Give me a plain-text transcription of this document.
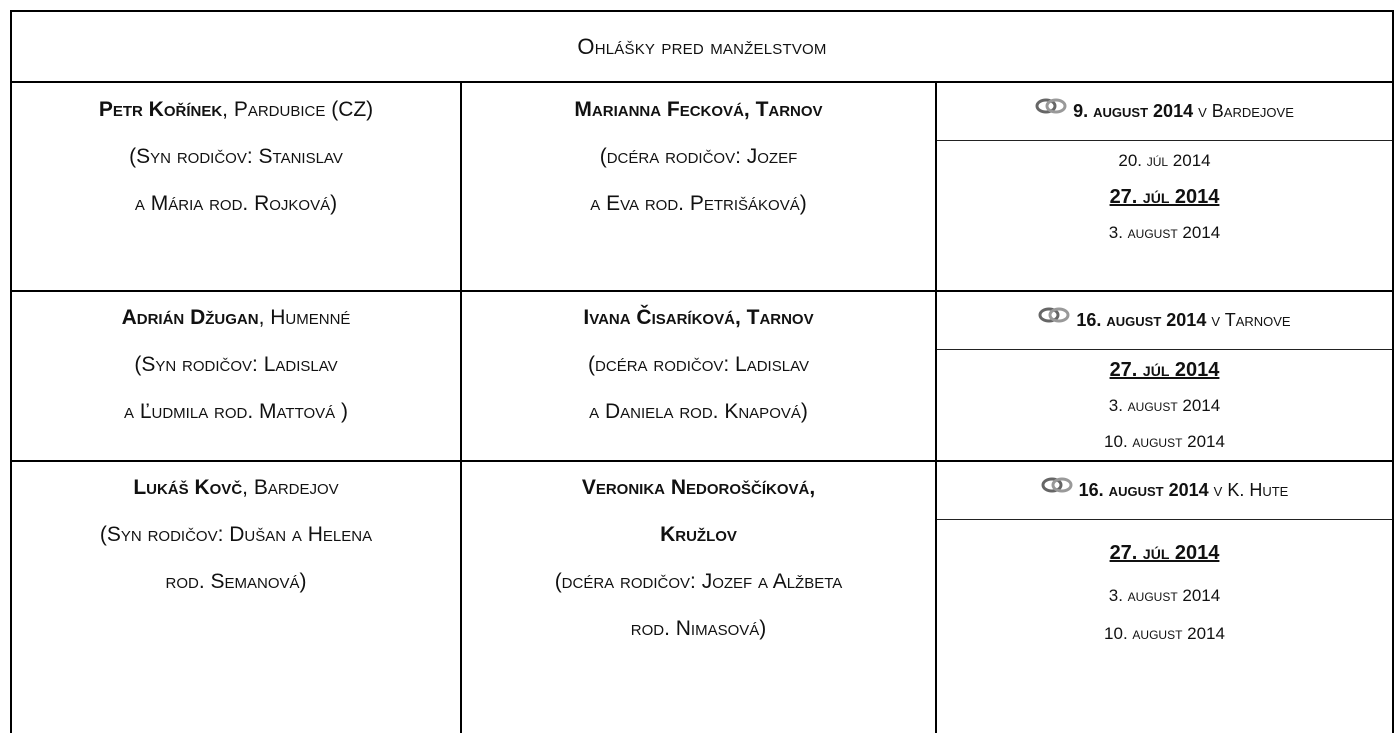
Ohlášky pred manželstvom
Petr Kořínek, Pardubice (CZ)
(Syn rodičov: Stanislav
a Mária rod. Rojková)
Marianna Fecková, Tarnov
(dcéra rodičov: Jozef
a Eva rod. Petrišáková)
9. august 2014
v Bardejove
20. júl 2014
27. júl 2014
3. august 2014
Adrián Džugan, Humenné
(Syn rodičov: Ladislav
a Ľudmila rod. Mattová )
Ivana Čisaríková, Tarnov
(dcéra rodičov: Ladislav
a Daniela rod. Knapová)
16. august 2014
v Tarnove
27. júl 2014
3. august 2014
10. august 2014
Lukáš Kovč, Bardejov
(Syn rodičov: Dušan a Helena
rod. Semanová)
Veronika Nedoroščíková,
Kružlov
(dcéra rodičov: Jozef a Alžbeta
rod. Nimasová)
16. august 2014
v K. Hute
27. júl 2014
3. august 2014
10. august 2014
